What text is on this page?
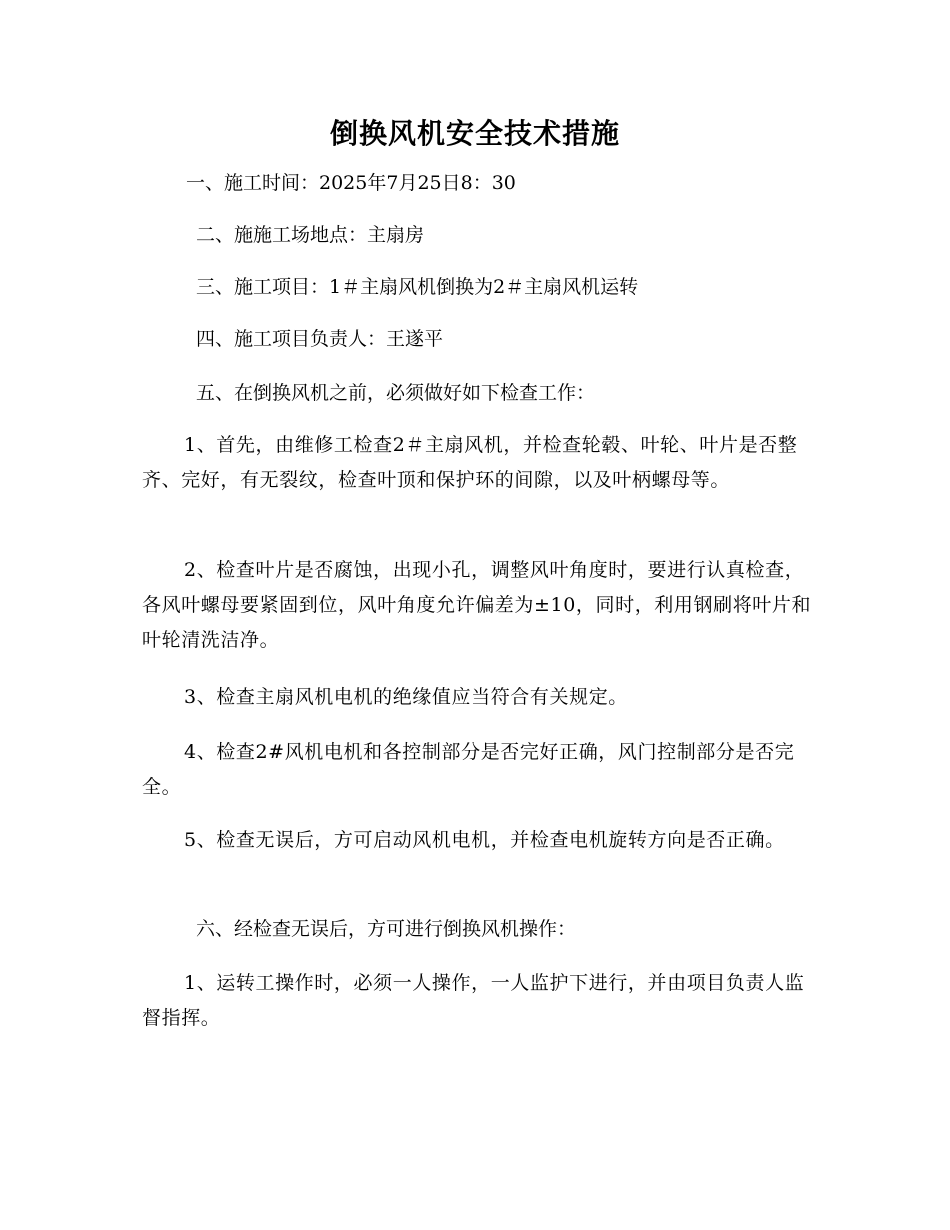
倒换风机安全技术措施
一、施工时间：2025年7月25日8：30
二、施施工场地点：主扇房
三、施工项目：1＃主扇风机倒换为2＃主扇风机运转
四、施工项目负责人：王遂平
五、在倒换风机之前，必须做好如下检查工作：
1、首先，由维修工检查2＃主扇风机，并检查轮毂、叶轮、叶片是否整齐、完好，有无裂纹，检查叶顶和保护环的间隙，以及叶柄螺母等。
2、检查叶片是否腐蚀，出现小孔，调整风叶角度时，要进行认真检查，各风叶螺母要紧固到位，风叶角度允许偏差为±10，同时，利用钢刷将叶片和叶轮清洗洁净。
3、检查主扇风机电机的绝缘值应当符合有关规定。
4、检查2#风机电机和各控制部分是否完好正确，风门控制部分是否完全。
5、检查无误后，方可启动风机电机，并检查电机旋转方向是否正确。
六、经检查无误后，方可进行倒换风机操作：
1、运转工操作时，必须一人操作，一人监护下进行，并由项目负责人监督指挥。
